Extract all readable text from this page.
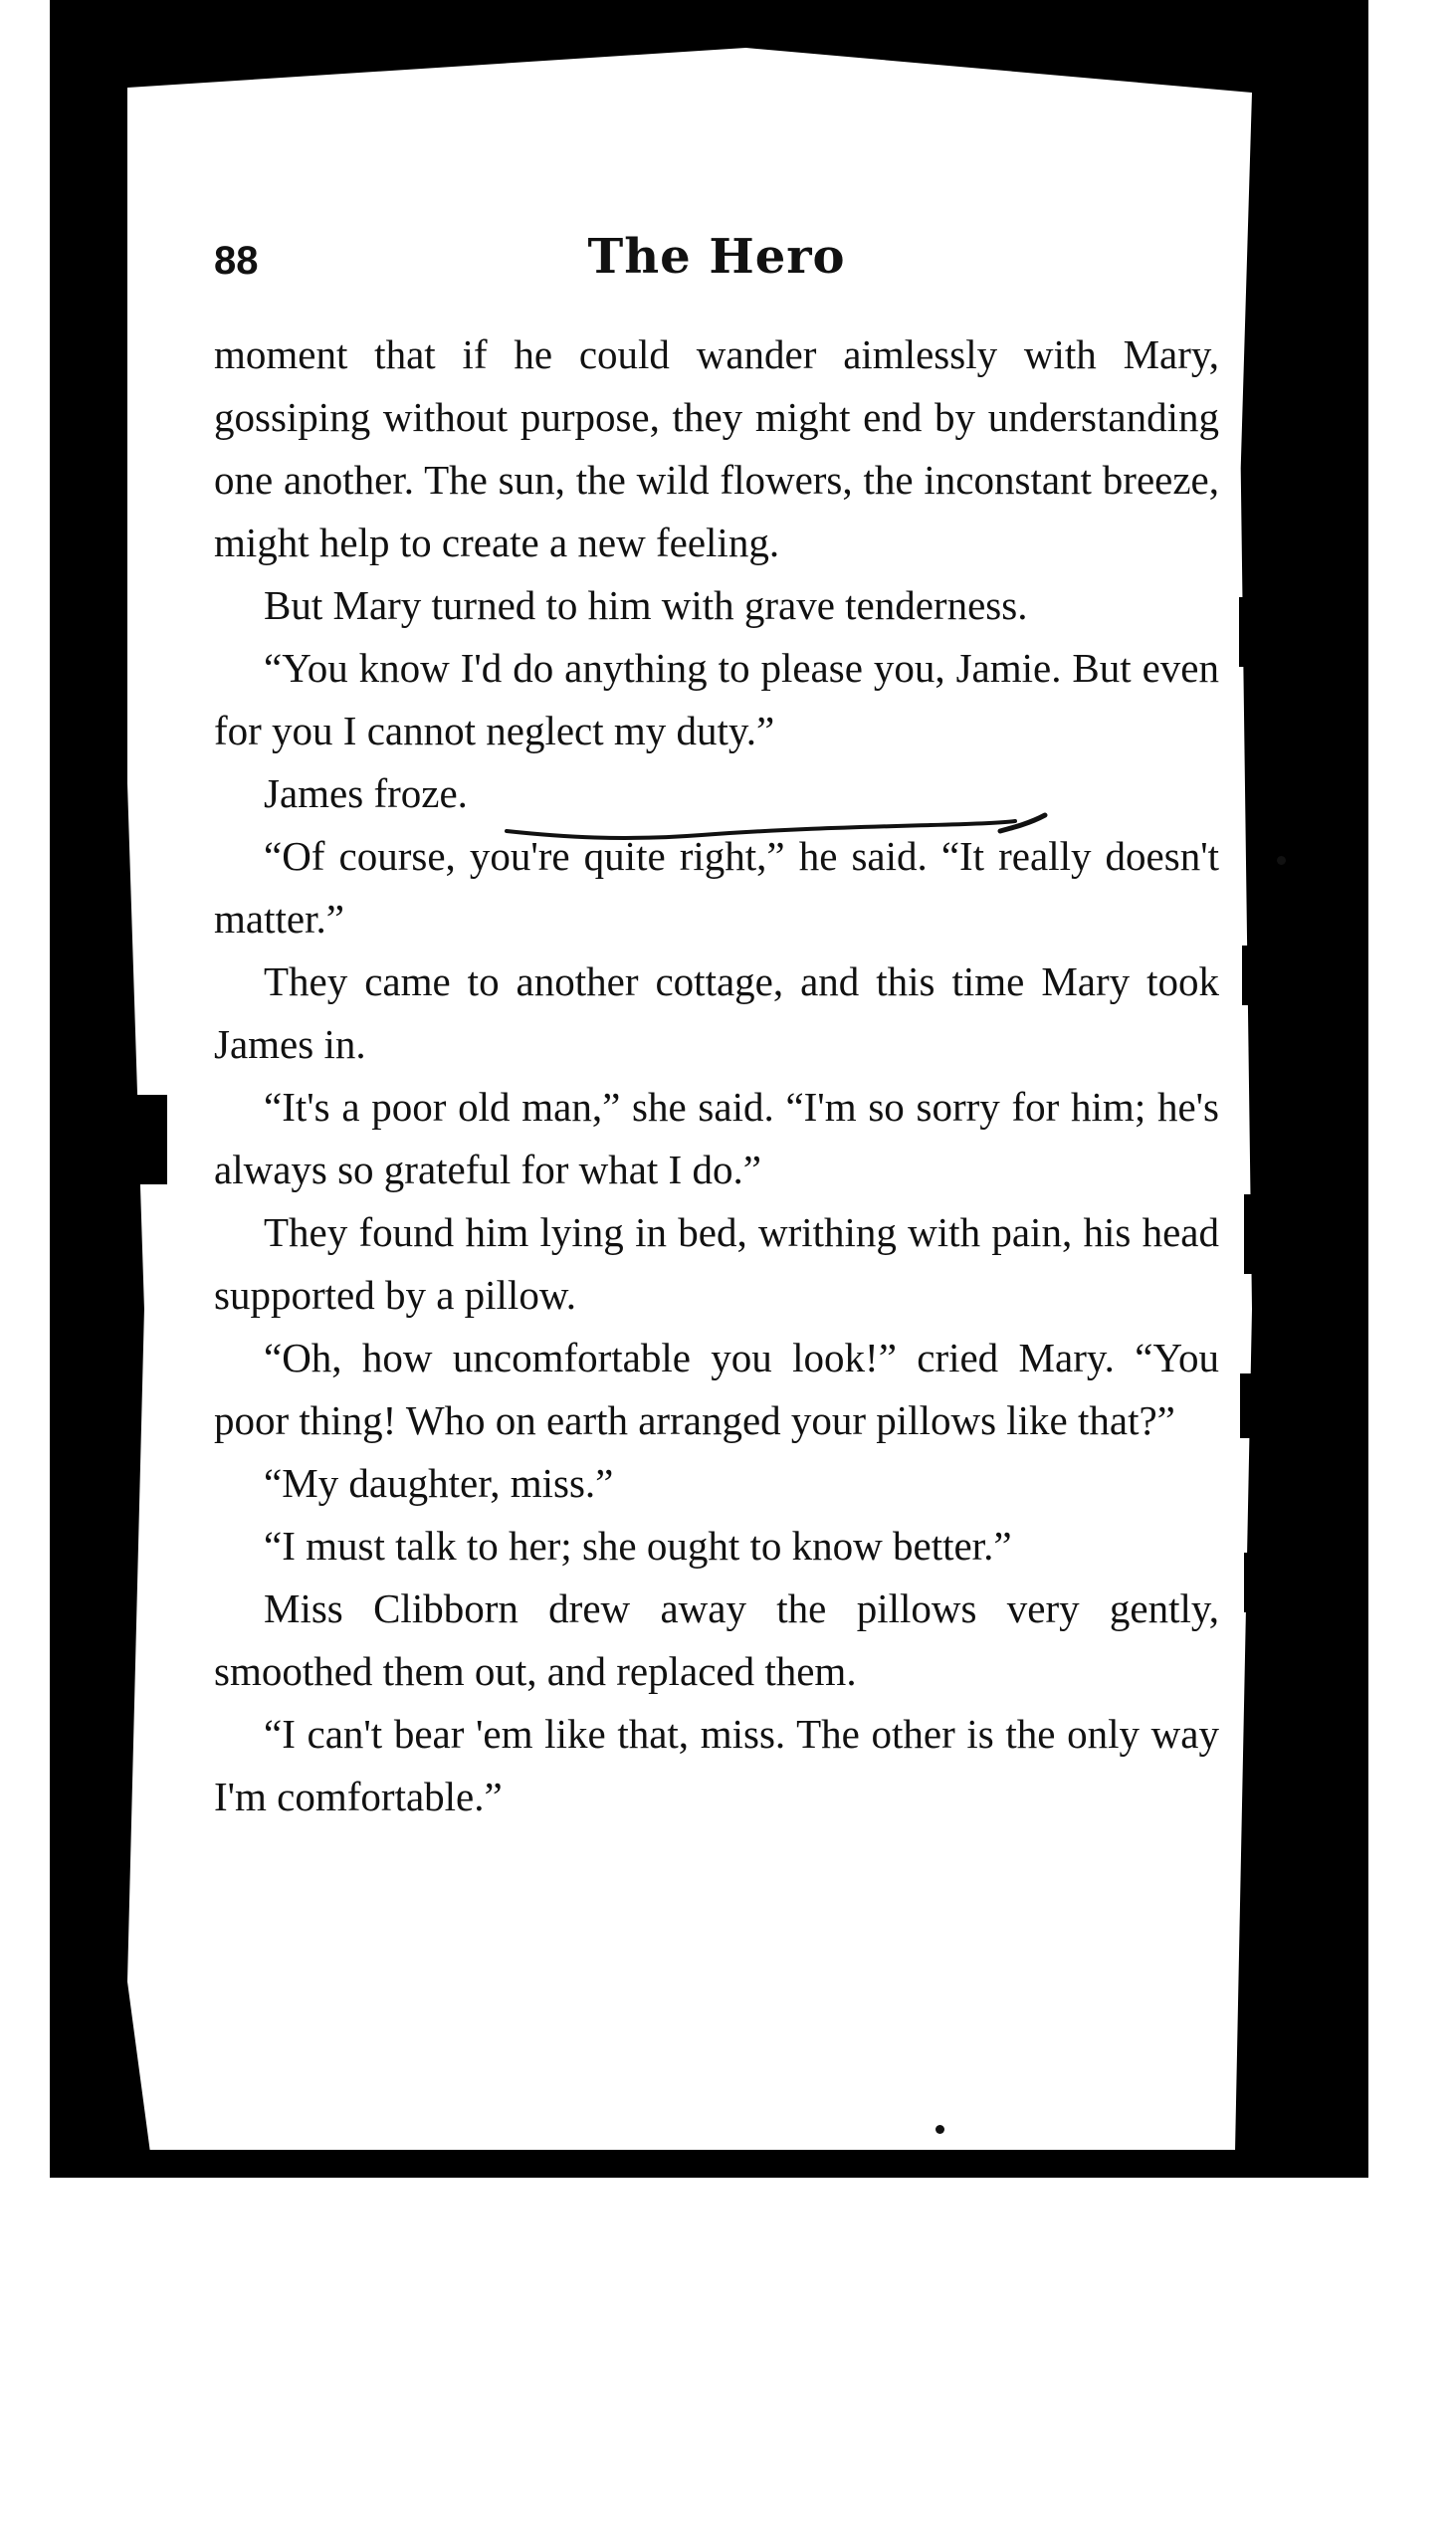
88	The Hero

moment that if he could wander aimlessly with Mary, gossiping without purpose, they might end by understanding one another. The sun, the wild flowers, the inconstant breeze, might help to create a new feeling.

But Mary turned to him with grave tenderness.

“You know I'd do anything to please you, Jamie. But even for you I cannot neglect my duty.”

James froze.

“Of course, you're quite right,” he said. “It really doesn't matter.”

They came to another cottage, and this time Mary took James in.

“It's a poor old man,” she said. “I'm so sorry for him; he's always so grateful for what I do.”

They found him lying in bed, writhing with pain, his head supported by a pillow.

“Oh, how uncomfortable you look!” cried Mary. “You poor thing! Who on earth arranged your pillows like that?”

“My daughter, miss.”

“I must talk to her; she ought to know better.”

Miss Clibborn drew away the pillows very gently, smoothed them out, and replaced them.

“I can't bear 'em like that, miss. The other is the only way I'm comfortable.”
